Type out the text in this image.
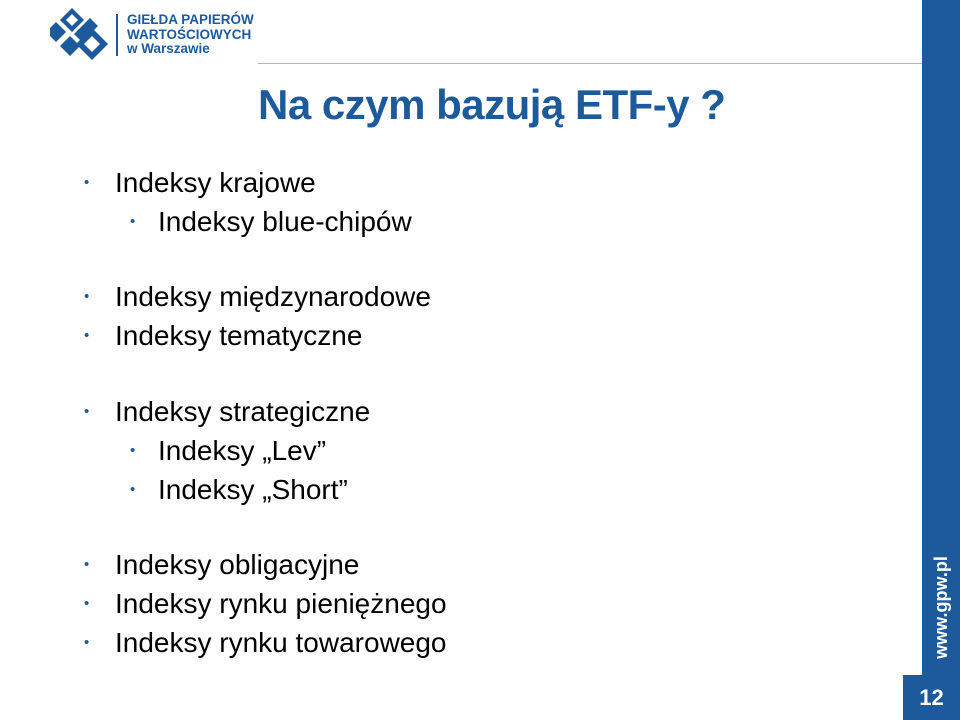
GIEŁDA PAPIERÓW
WARTOŚCIOWYCH
w Warszawie
www.gpw.pl
12
Na czym bazują ETF-y ?
• Indeksy krajowe
• Indeksy blue-chipów
• Indeksy międzynarodowe
• Indeksy tematyczne
• Indeksy strategiczne
• Indeksy „Lev”
• Indeksy „Short”
• Indeksy obligacyjne
• Indeksy rynku pieniężnego
• Indeksy rynku towarowego
